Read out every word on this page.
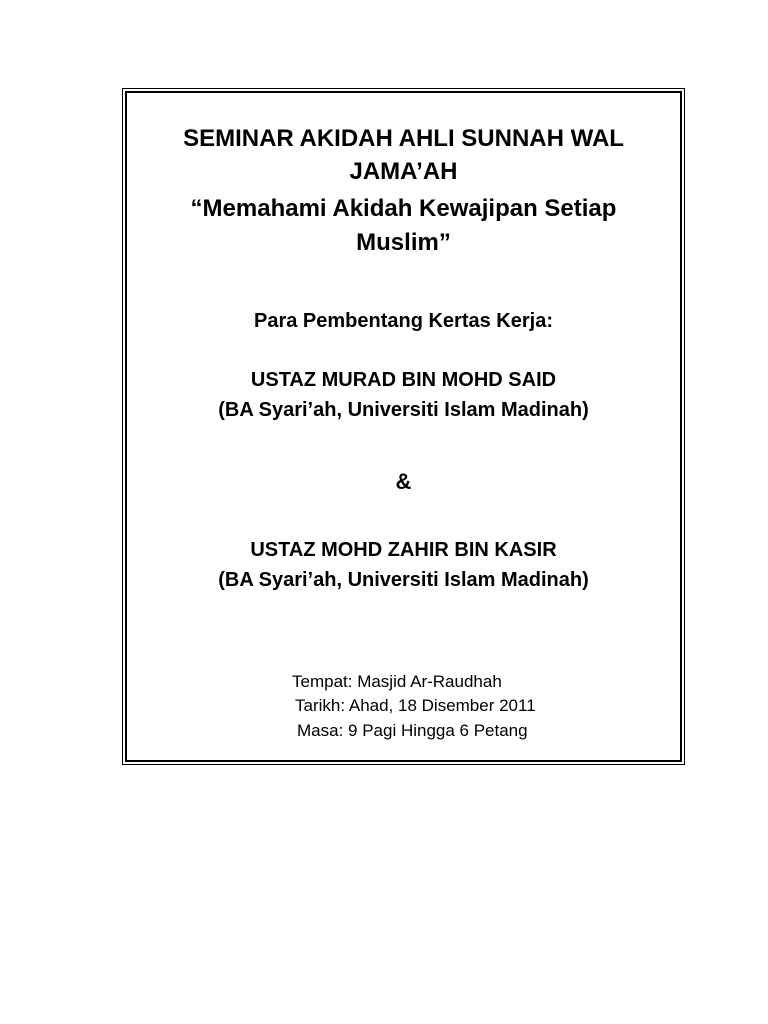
SEMINAR AKIDAH AHLI SUNNAH WAL
JAMA’AH
“Memahami Akidah Kewajipan Setiap
Muslim”

Para Pembentang Kertas Kerja:

USTAZ MURAD BIN MOHD SAID

(BA Syari’ah, Universiti Islam Madinah)

&

USTAZ MOHD ZAHIR BIN KASIR

(BA Syari’ah, Universiti Islam Madinah)

Tempat: Masjid Ar-Raudhah

Tarikh: Ahad, 18 Disember 2011

Masa: 9 Pagi Hingga 6 Petang
